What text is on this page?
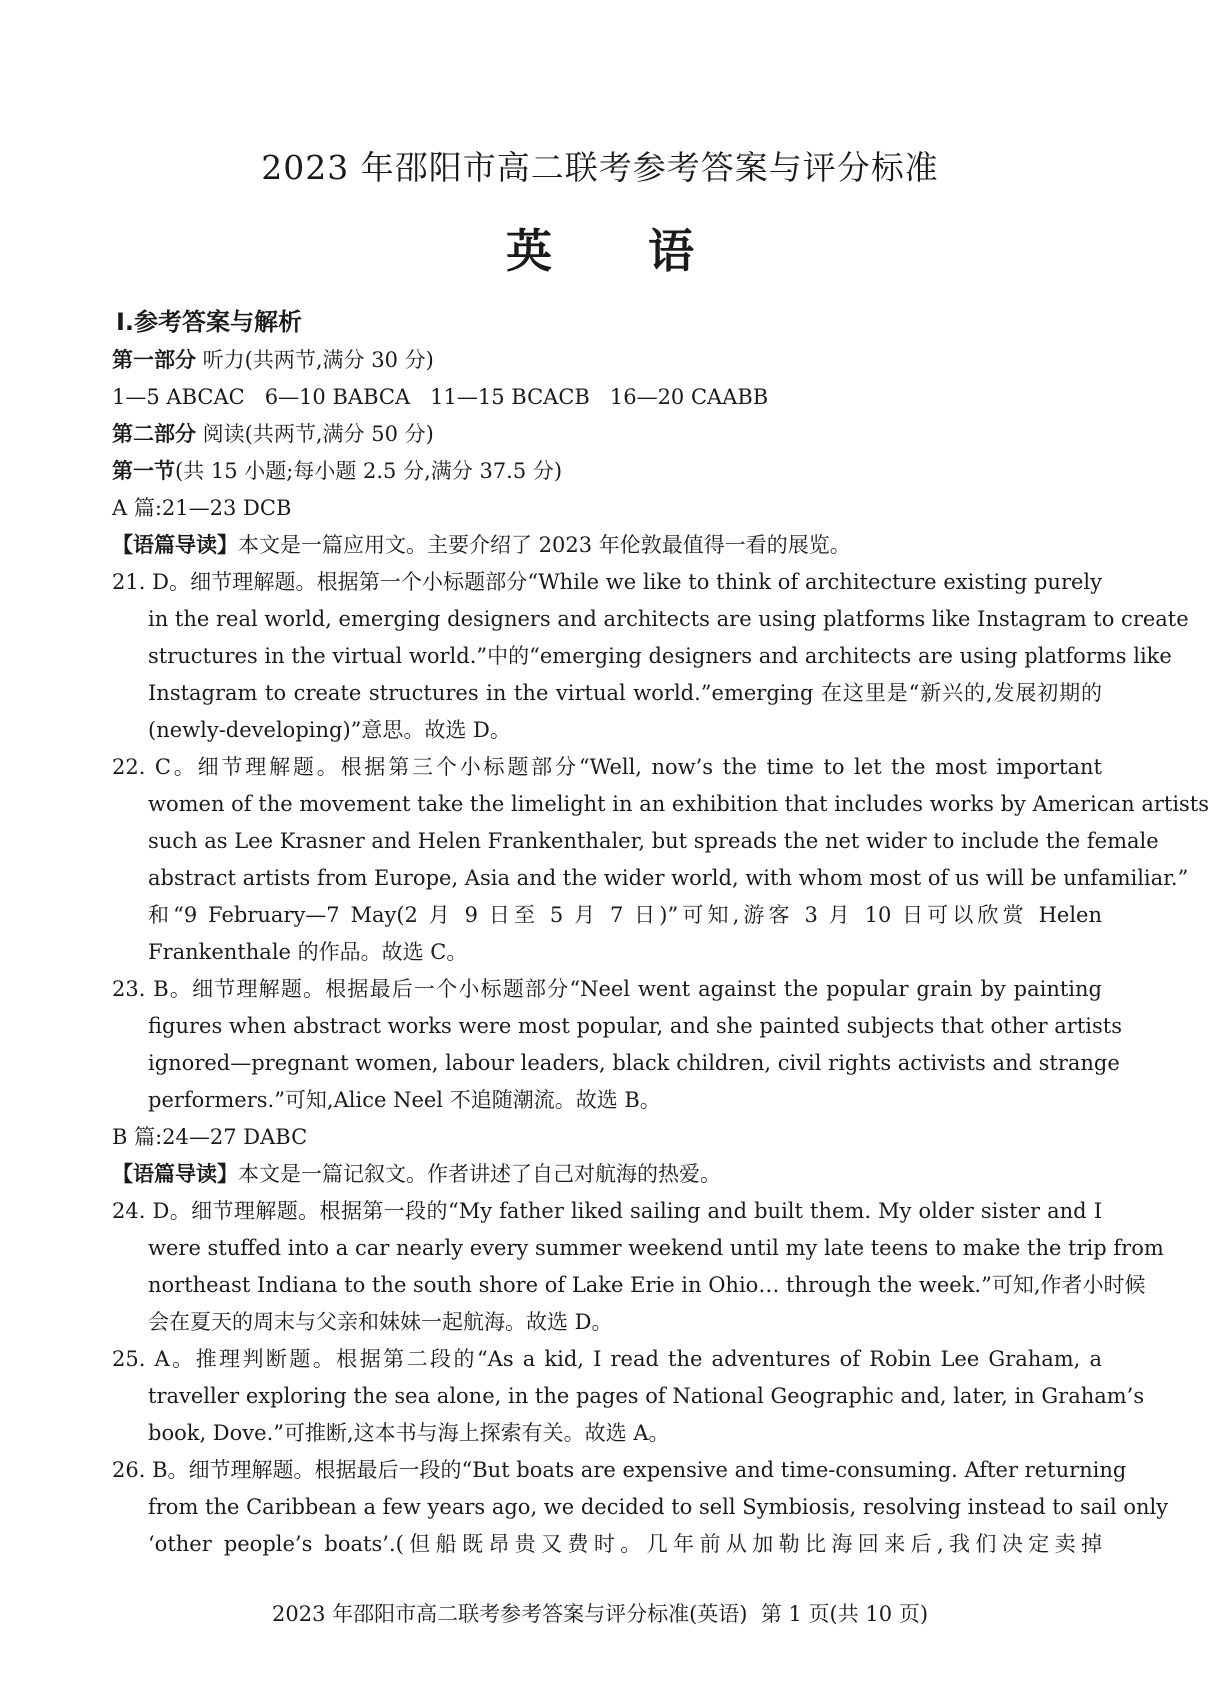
2023 年邵阳市高二联考参考答案与评分标准
英 语
Ⅰ.参考答案与解析
第一部分 听力(共两节,满分 30 分)
1—5 ABCAC   6—10 BABCA   11—15 BCACB   16—20 CAABB
第二部分 阅读(共两节,满分 50 分)
第一节(共 15 小题;每小题 2.5 分,满分 37.5 分)
A 篇:21—23 DCB
【语篇导读】本文是一篇应用文。主要介绍了 2023 年伦敦最值得一看的展览。
21. D。细节理解题。根据第一个小标题部分“While we like to think of architecture existing purely
in the real world, emerging designers and architects are using platforms like Instagram to create
structures in the virtual world.”中的“emerging designers and architects are using platforms like
Instagram to create structures in the virtual world.”emerging 在这里是“新兴的,发展初期的
(newly-developing)”意思。故选 D。
22. C。细节理解题。根据第三个小标题部分“Well, now’s the time to let the most important
women of the movement take the limelight in an exhibition that includes works by American artists
such as Lee Krasner and Helen Frankenthaler, but spreads the net wider to include the female
abstract artists from Europe, Asia and the wider world, with whom most of us will be unfamiliar.”
和“9 February—7 May(2 月 9 日至 5 月 7 日)”可知,游客 3 月 10 日可以欣赏 Helen
Frankenthale 的作品。故选 C。
23. B。细节理解题。根据最后一个小标题部分“Neel went against the popular grain by painting
figures when abstract works were most popular, and she painted subjects that other artists
ignored—pregnant women, labour leaders, black children, civil rights activists and strange
performers.”可知,Alice Neel 不追随潮流。故选 B。
B 篇:24—27 DABC
【语篇导读】本文是一篇记叙文。作者讲述了自己对航海的热爱。
24. D。细节理解题。根据第一段的“My father liked sailing and built them. My older sister and I
were stuffed into a car nearly every summer weekend until my late teens to make the trip from
northeast Indiana to the south shore of Lake Erie in Ohio… through the week.”可知,作者小时候
会在夏天的周末与父亲和妹妹一起航海。故选 D。
25. A。推理判断题。根据第二段的“As a kid, I read the adventures of Robin Lee Graham, a
traveller exploring the sea alone, in the pages of National Geographic and, later, in Graham’s
book, Dove.”可推断,这本书与海上探索有关。故选 A。
26. B。细节理解题。根据最后一段的“But boats are expensive and time-consuming. After returning
from the Caribbean a few years ago, we decided to sell Symbiosis, resolving instead to sail only
‘other people’s boats’.(但船既昂贵又费时。几年前从加勒比海回来后,我们决定卖掉
2023 年邵阳市高二联考参考答案与评分标准(英语)  第 1 页(共 10 页)
